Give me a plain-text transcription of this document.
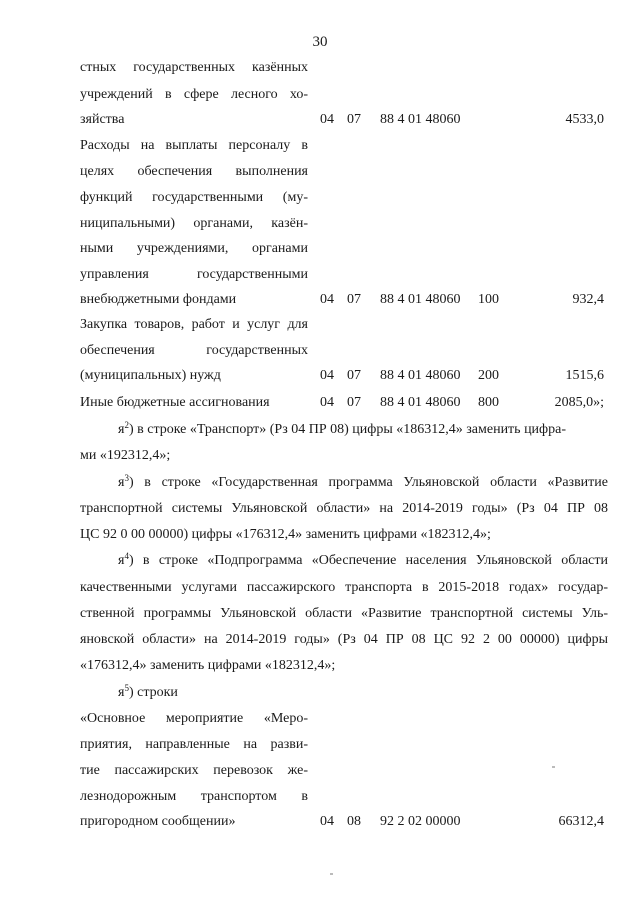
30
стных государственных казённых
учреждений в сфере лесного хо-
зяйства	04 07 88 4 01 48060	4533,0
Расходы на выплаты персоналу в
целях обеспечения выполнения
функций государственными (му-
ниципальными) органами, казён-
ными учреждениями, органами
управления государственными
внебюджетными фондами	04 07 88 4 01 48060 100	932,4
Закупка товаров, работ и услуг для
обеспечения государственных
(муниципальных) нужд	04 07 88 4 01 48060 200	1515,6
Иные бюджетные ассигнования	04 07 88 4 01 48060 800	2085,0»;
$я^2$) в строке «Транспорт» (Рз 04 ПР 08) цифры «186312,4» заменить цифра-
ми «192312,4»;
$я^3$) в строке «Государственная программа Ульяновской области «Развитие
транспортной системы Ульяновской области» на 2014-2019 годы» (Рз 04 ПР 08
ЦС 92 0 00 00000) цифры «176312,4» заменить цифрами «182312,4»;
$я^4$) в строке «Подпрограмма «Обеспечение населения Ульяновской области
качественными услугами пассажирского транспорта в 2015-2018 годах» государ-
ственной программы Ульяновской области «Развитие транспортной системы Уль-
яновской области» на 2014-2019 годы» (Рз 04 ПР 08 ЦС 92 2 00 00000) цифры
«176312,4» заменить цифрами «182312,4»;
$я^5$) строки
«Основное мероприятие «Меро-
приятия, направленные на разви-
тие пассажирских перевозок же-
лезнодорожным транспортом в
пригородном сообщении»	04 08 92 2 02 00000	66312,4
